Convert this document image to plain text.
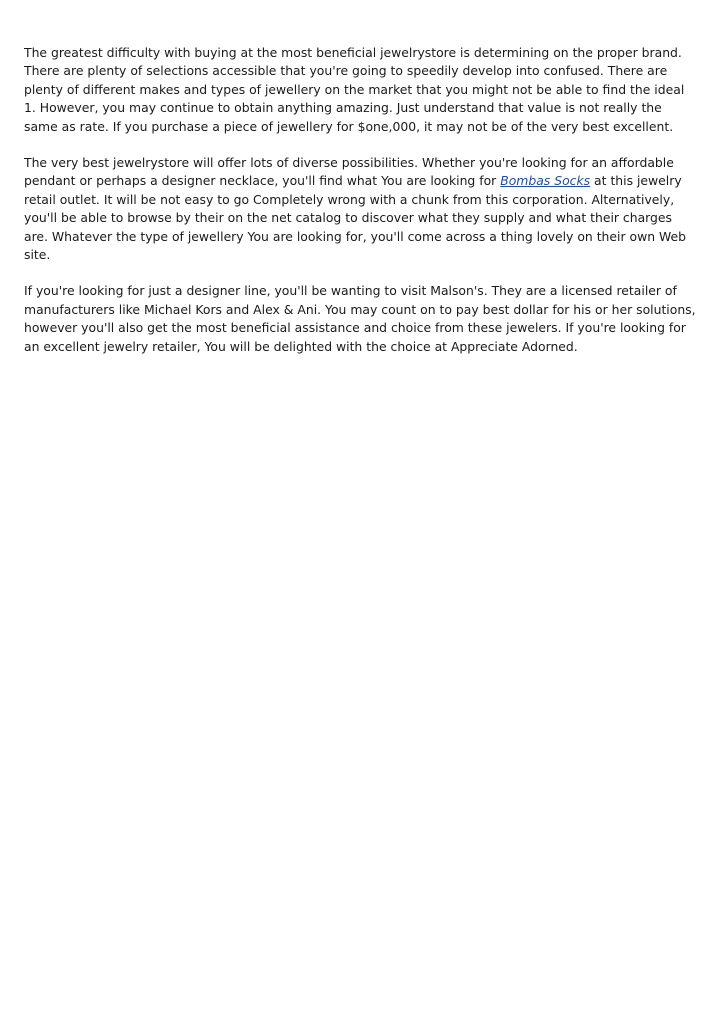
The greatest difficulty with buying at the most beneficial jewelrystore is determining on the proper brand. There are plenty of selections accessible that you're going to speedily develop into confused. There are plenty of different makes and types of jewellery on the market that you might not be able to find the ideal 1. However, you may continue to obtain anything amazing. Just understand that value is not really the same as rate. If you purchase a piece of jewellery for $one,000, it may not be of the very best excellent.

The very best jewelrystore will offer lots of diverse possibilities. Whether you're looking for an affordable pendant or perhaps a designer necklace, you'll find what You are looking for Bombas Socks at this jewelry retail outlet. It will be not easy to go Completely wrong with a chunk from this corporation. Alternatively, you'll be able to browse by their on the net catalog to discover what they supply and what their charges are. Whatever the type of jewellery You are looking for, you'll come across a thing lovely on their own Web site.

If you're looking for just a designer line, you'll be wanting to visit Malson's. They are a licensed retailer of manufacturers like Michael Kors and Alex & Ani. You may count on to pay best dollar for his or her solutions, however you'll also get the most beneficial assistance and choice from these jewelers. If you're looking for an excellent jewelry retailer, You will be delighted with the choice at Appreciate Adorned.
